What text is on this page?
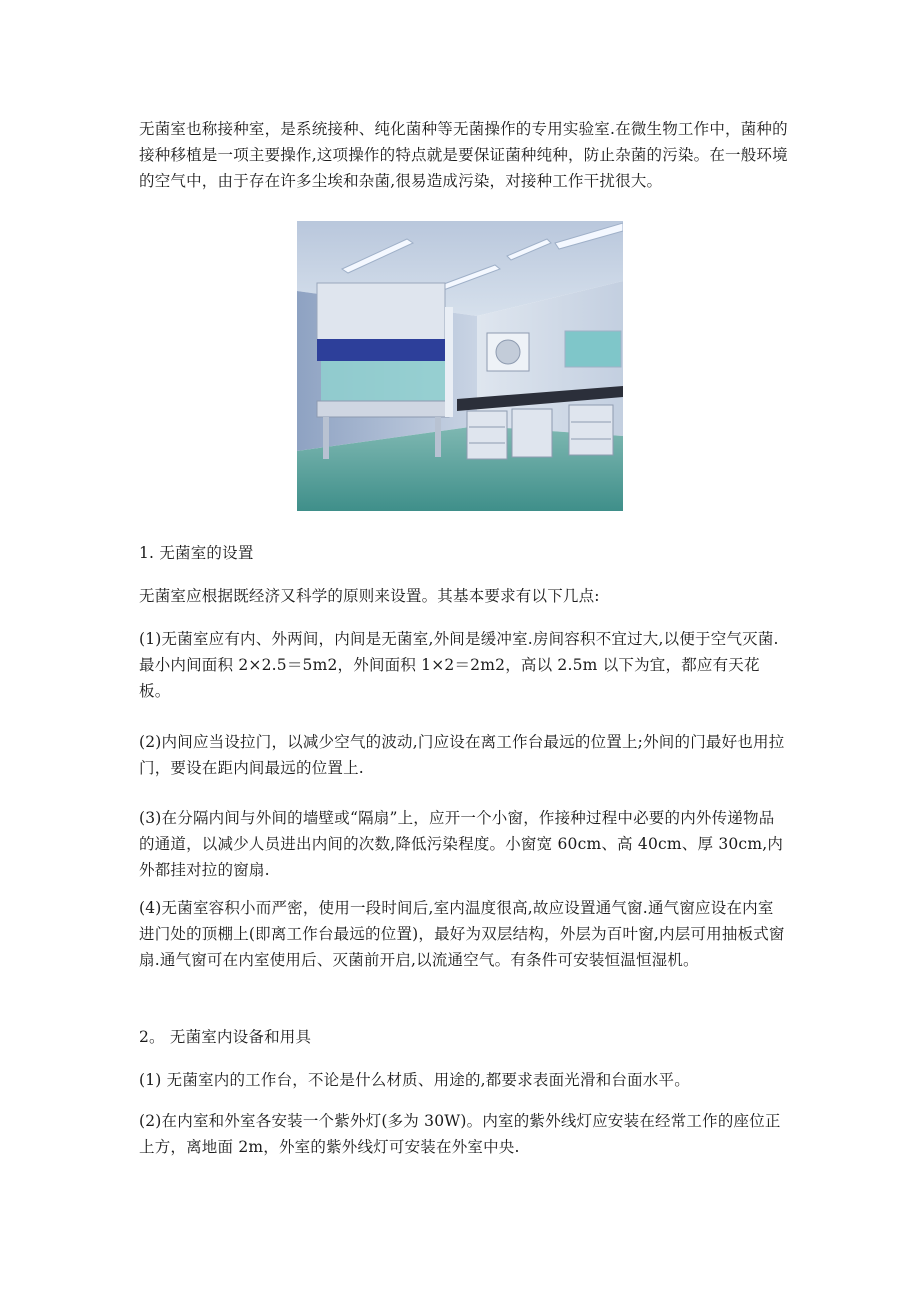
无菌室也称接种室，是系统接种、纯化菌种等无菌操作的专用实验室.在微生物工作中，菌种的接种移植是一项主要操作,这项操作的特点就是要保证菌种纯种，防止杂菌的污染。在一般环境的空气中，由于存在许多尘埃和杂菌,很易造成污染，对接种工作干扰很大。

1. 无菌室的设置

无菌室应根据既经济又科学的原则来设置。其基本要求有以下几点:

(1)无菌室应有内、外两间，内间是无菌室,外间是缓冲室.房间容积不宜过大,以便于空气灭菌.最小内间面积 2×2.5＝5m2，外间面积 1×2＝2m2，高以 2.5m 以下为宜，都应有天花板。

(2)内间应当设拉门，以减少空气的波动,门应设在离工作台最远的位置上;外间的门最好也用拉门，要设在距内间最远的位置上.

(3)在分隔内间与外间的墙壁或“隔扇”上，应开一个小窗，作接种过程中必要的内外传递物品的通道，以减少人员进出内间的次数,降低污染程度。小窗宽 60cm、高 40cm、厚 30cm,内外都挂对拉的窗扇.

(4)无菌室容积小而严密，使用一段时间后,室内温度很高,故应设置通气窗.通气窗应设在内室进门处的顶棚上(即离工作台最远的位置)，最好为双层结构，外层为百叶窗,内层可用抽板式窗扇.通气窗可在内室使用后、灭菌前开启,以流通空气。有条件可安装恒温恒湿机。

2。 无菌室内设备和用具

(1) 无菌室内的工作台，不论是什么材质、用途的,都要求表面光滑和台面水平。

(2)在内室和外室各安装一个紫外灯(多为 30W)。内室的紫外线灯应安装在经常工作的座位正上方，离地面 2m，外室的紫外线灯可安装在外室中央.
